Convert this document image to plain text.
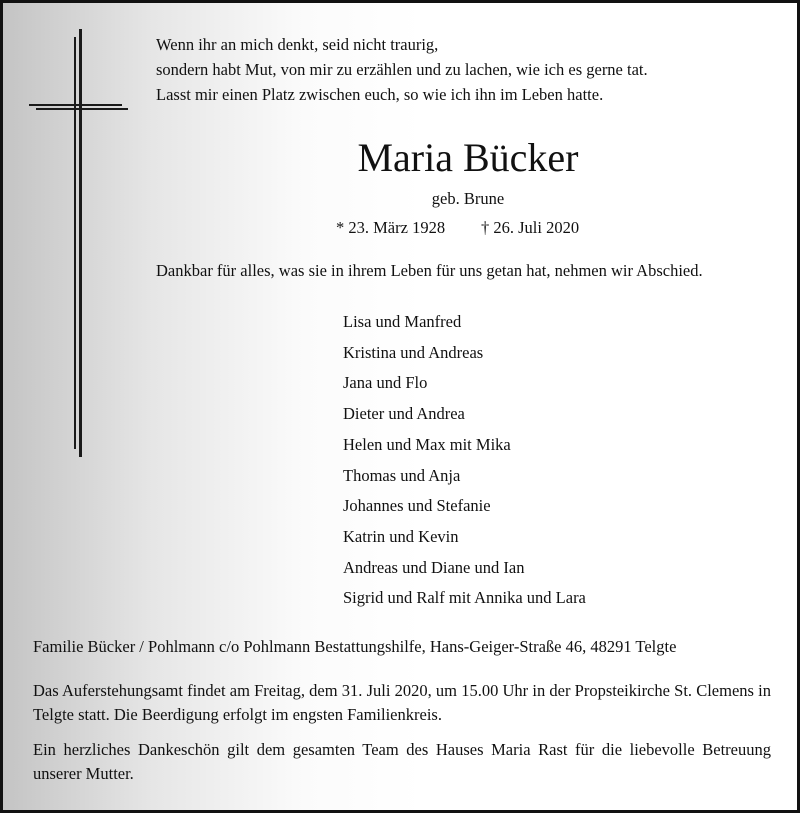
Wenn ihr an mich denkt, seid nicht traurig,
sondern habt Mut, von mir zu erzählen und zu lachen, wie ich es gerne tat.
Lasst mir einen Platz zwischen euch, so wie ich ihn im Leben hatte.
Maria Bücker
geb. Brune
* 23. März 1928 † 26. Juli 2020
Dankbar für alles, was sie in ihrem Leben für uns getan hat, nehmen wir Abschied.
Lisa und Manfred
Kristina und Andreas
Jana und Flo
Dieter und Andrea
Helen und Max mit Mika
Thomas und Anja
Johannes und Stefanie
Katrin und Kevin
Andreas und Diane und Ian
Sigrid und Ralf mit Annika und Lara
Familie Bücker / Pohlmann c/o Pohlmann Bestattungshilfe, Hans-Geiger-Straße 46, 48291 Telgte
Das Auferstehungsamt findet am Freitag, dem 31. Juli 2020, um 15.00 Uhr in der Propsteikirche St. Clemens in Telgte statt. Die Beerdigung erfolgt im engsten Familienkreis.
Ein herzliches Dankeschön gilt dem gesamten Team des Hauses Maria Rast für die liebevolle Betreuung unserer Mutter.
